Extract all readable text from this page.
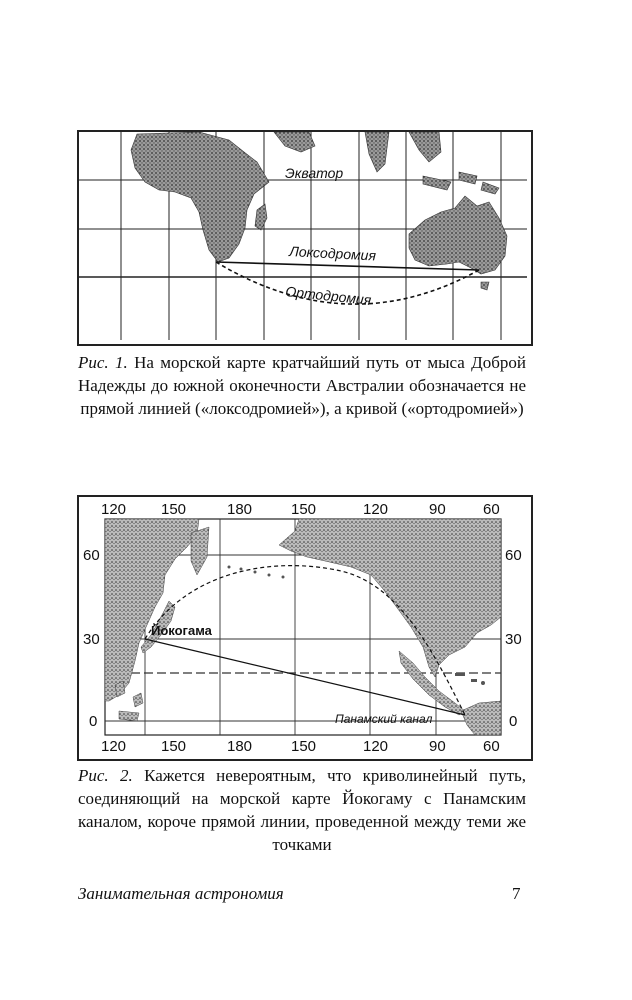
Экватор
Локсодромия
Ортодромия
Рис. 1. На морской карте кратчайший путь от мыса Доброй Надежды до южной оконечности Австралии обозначается не прямой линией («локсодромией»), а кривой («ортодромией»)
Йокогама
Панамский канал
120 150	180	150	120	90 60
120 150	180	150	120	90 60
60
30
0
60
30
0
Рис. 2. Кажется невероятным, что криволинейный путь, соединяющий на морской карте Йокогаму с Панамским каналом, короче прямой линии, проведенной между теми же точками
Занимательная астрономия	7
